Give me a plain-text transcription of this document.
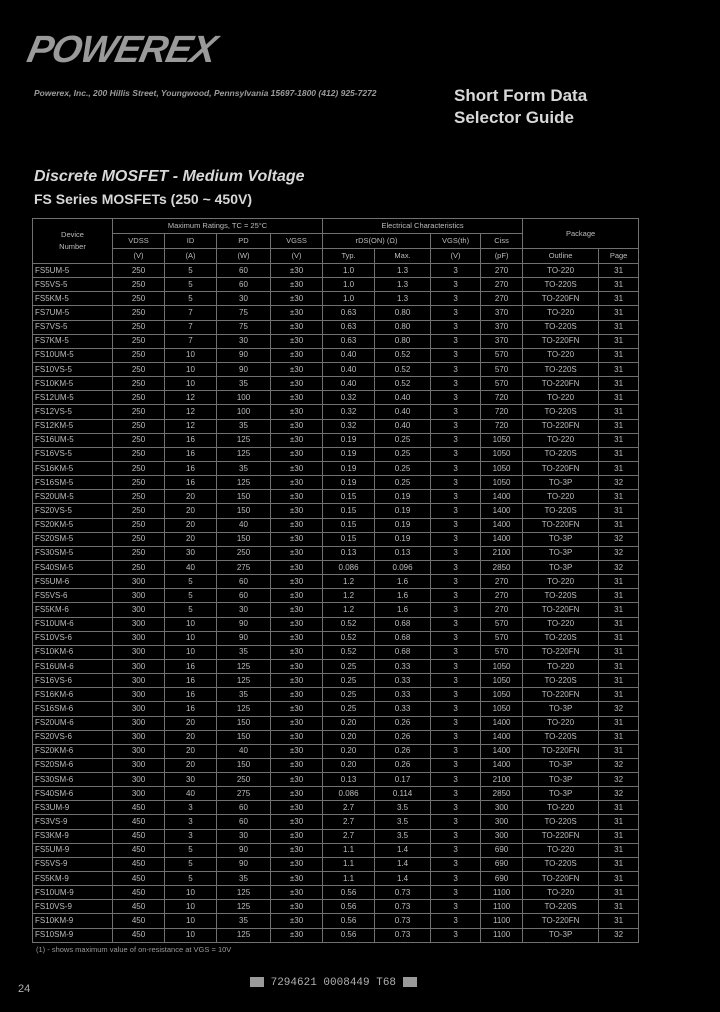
POWEREX
Powerex, Inc., 200 Hillis Street, Youngwood, Pennsylvania 15697-1800 (412) 925-7272	Short Form Data
Selector Guide
Discrete MOSFET - Medium Voltage
FS Series MOSFETs (250 ~ 450V)
Device
Number	Maximum Ratings, TC = 25°C				Electrical Characteristics				Package	
	VDSS	ID	PD	VGSS	rDS(ON) (Ω)		VGS(th)	Ciss		
	(V)	(A)	(W)	(V)	Typ.	Max.	(V)	(pF)	Outline	Page
FS5UM-5	250	5	60	±30	1.0	1.3	3	270	TO-220	31
FS5VS-5	250	5	60	±30	1.0	1.3	3	270	TO-220S	31
FS5KM-5	250	5	30	±30	1.0	1.3	3	270	TO-220FN	31
FS7UM-5	250	7	75	±30	0.63	0.80	3	370	TO-220	31
FS7VS-5	250	7	75	±30	0.63	0.80	3	370	TO-220S	31
FS7KM-5	250	7	30	±30	0.63	0.80	3	370	TO-220FN	31
FS10UM-5	250	10	90	±30	0.40	0.52	3	570	TO-220	31
FS10VS-5	250	10	90	±30	0.40	0.52	3	570	TO-220S	31
FS10KM-5	250	10	35	±30	0.40	0.52	3	570	TO-220FN	31
FS12UM-5	250	12	100	±30	0.32	0.40	3	720	TO-220	31
FS12VS-5	250	12	100	±30	0.32	0.40	3	720	TO-220S	31
FS12KM-5	250	12	35	±30	0.32	0.40	3	720	TO-220FN	31
FS16UM-5	250	16	125	±30	0.19	0.25	3	1050	TO-220	31
FS16VS-5	250	16	125	±30	0.19	0.25	3	1050	TO-220S	31
FS16KM-5	250	16	35	±30	0.19	0.25	3	1050	TO-220FN	31
FS16SM-5	250	16	125	±30	0.19	0.25	3	1050	TO-3P	32
FS20UM-5	250	20	150	±30	0.15	0.19	3	1400	TO-220	31
FS20VS-5	250	20	150	±30	0.15	0.19	3	1400	TO-220S	31
FS20KM-5	250	20	40	±30	0.15	0.19	3	1400	TO-220FN	31
FS20SM-5	250	20	150	±30	0.15	0.19	3	1400	TO-3P	32
FS30SM-5	250	30	250	±30	0.13	0.13	3	2100	TO-3P	32
FS40SM-5	250	40	275	±30	0.086	0.096	3	2850	TO-3P	32
FS5UM-6	300	5	60	±30	1.2	1.6	3	270	TO-220	31
FS5VS-6	300	5	60	±30	1.2	1.6	3	270	TO-220S	31
FS5KM-6	300	5	30	±30	1.2	1.6	3	270	TO-220FN	31
FS10UM-6	300	10	90	±30	0.52	0.68	3	570	TO-220	31
FS10VS-6	300	10	90	±30	0.52	0.68	3	570	TO-220S	31
FS10KM-6	300	10	35	±30	0.52	0.68	3	570	TO-220FN	31
FS16UM-6	300	16	125	±30	0.25	0.33	3	1050	TO-220	31
FS16VS-6	300	16	125	±30	0.25	0.33	3	1050	TO-220S	31
FS16KM-6	300	16	35	±30	0.25	0.33	3	1050	TO-220FN	31
FS16SM-6	300	16	125	±30	0.25	0.33	3	1050	TO-3P	32
FS20UM-6	300	20	150	±30	0.20	0.26	3	1400	TO-220	31
FS20VS-6	300	20	150	±30	0.20	0.26	3	1400	TO-220S	31
FS20KM-6	300	20	40	±30	0.20	0.26	3	1400	TO-220FN	31
FS20SM-6	300	20	150	±30	0.20	0.26	3	1400	TO-3P	32
FS30SM-6	300	30	250	±30	0.13	0.17	3	2100	TO-3P	32
FS40SM-6	300	40	275	±30	0.086	0.114	3	2850	TO-3P	32
FS3UM-9	450	3	60	±30	2.7	3.5	3	300	TO-220	31
FS3VS-9	450	3	60	±30	2.7	3.5	3	300	TO-220S	31
FS3KM-9	450	3	30	±30	2.7	3.5	3	300	TO-220FN	31
FS5UM-9	450	5	90	±30	1.1	1.4	3	690	TO-220	31
FS5VS-9	450	5	90	±30	1.1	1.4	3	690	TO-220S	31
FS5KM-9	450	5	35	±30	1.1	1.4	3	690	TO-220FN	31
FS10UM-9	450	10	125	±30	0.56	0.73	3	1100	TO-220	31
FS10VS-9	450	10	125	±30	0.56	0.73	3	1100	TO-220S	31
FS10KM-9	450	10	35	±30	0.56	0.73	3	1100	TO-220FN	31
FS10SM-9	450	10	125	±30	0.56	0.73	3	1100	TO-3P	32
(1) - shows maximum value of on-resistance at VGS = 10V
24	7294621 0008449 T68
